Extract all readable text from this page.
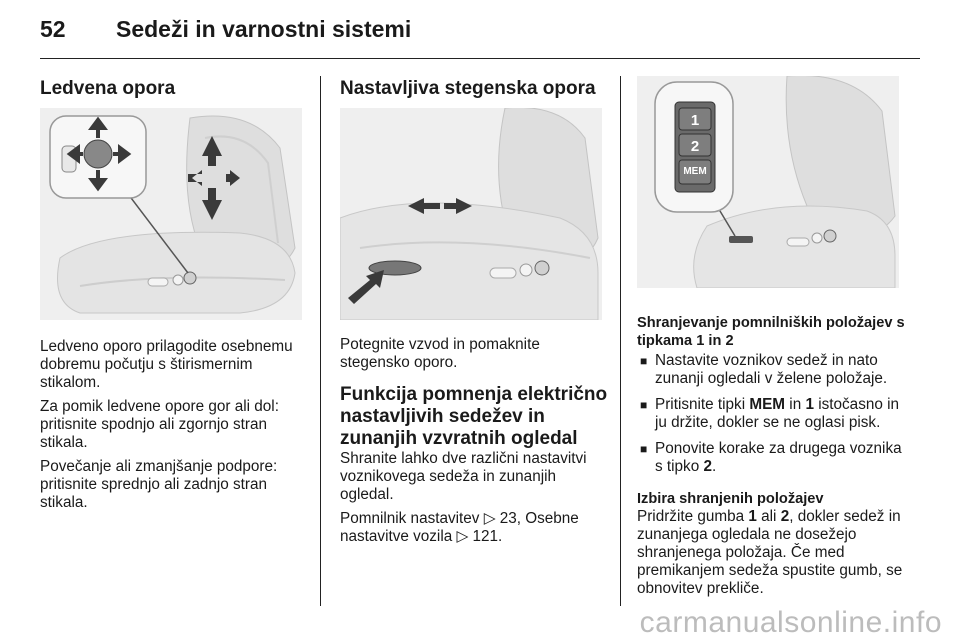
52 Sedeži in varnostni sistemi
Ledvena opora

Ledveno oporo prilagodite osebnemu dobremu počutju s štirismernim stikalom.

Za pomik ledvene opore gor ali dol: pritisnite spodnjo ali zgornjo stran stikala.

Povečanje ali zmanjšanje podpore: pritisnite sprednjo ali zadnjo stran stikala.

Nastavljiva stegenska opora

Potegnite vzvod in pomaknite stegensko oporo.

Funkcija pomnenja električno nastavljivih sedežev in zunanjih vzvratnih ogledal

Shranite lahko dve različni nastavitvi voznikovega sedeža in zunanjih ogledal.

Pomnilnik nastavitev ▷ 23, Osebne nastavitve vozila ▷ 121.

1
2
MEM

Shranjevanje pomnilniških položajev s tipkama 1 in 2

■ Nastavite voznikov sedež in nato zunanji ogledali v želene položaje.
■ Pritisnite tipki MEM in 1 istočasno in ju držite, dokler se ne oglasi pisk.
■ Ponovite korake za drugega voznika s tipko 2.

Izbira shranjenih položajev

Pridržite gumba 1 ali 2, dokler sedež in zunanjega ogledala ne dosežejo shranjenega položaja. Če med premikanjem sedeža spustite gumb, se obnovitev prekliče.

carmanualsonline.info
